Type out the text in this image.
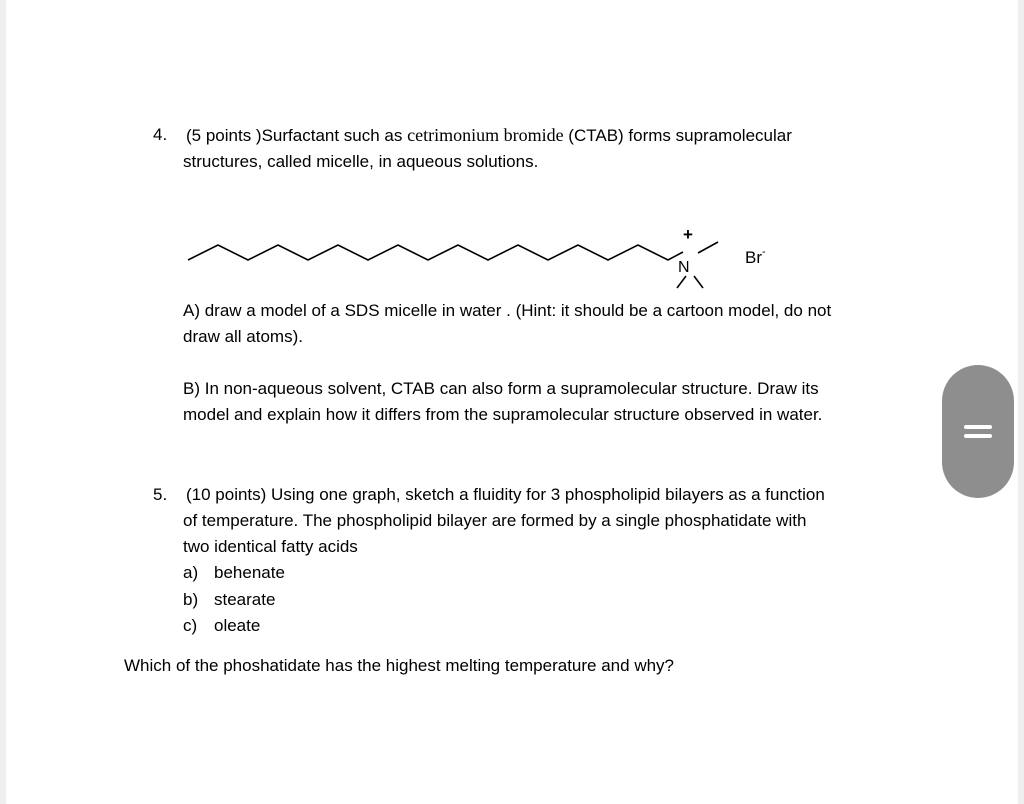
4. (5 points )Surfactant such as cetrimonium bromide (CTAB) forms supramolecular
structures, called micelle, in aqueous solutions.
N
+
Br-
A) draw a model of a SDS micelle in water . (Hint: it should be a cartoon model, do not
draw all atoms).
B) In non-aqueous solvent, CTAB can also form a supramolecular structure. Draw its
model and explain how it differs from the supramolecular structure observed in water.
5. (10 points) Using one graph, sketch a fluidity for 3 phospholipid bilayers as a function
of temperature. The phospholipid bilayer are formed by a single phosphatidate with
two identical fatty acids
a) behenate
b) stearate
c) oleate
Which of the phoshatidate has the highest melting temperature and why?
